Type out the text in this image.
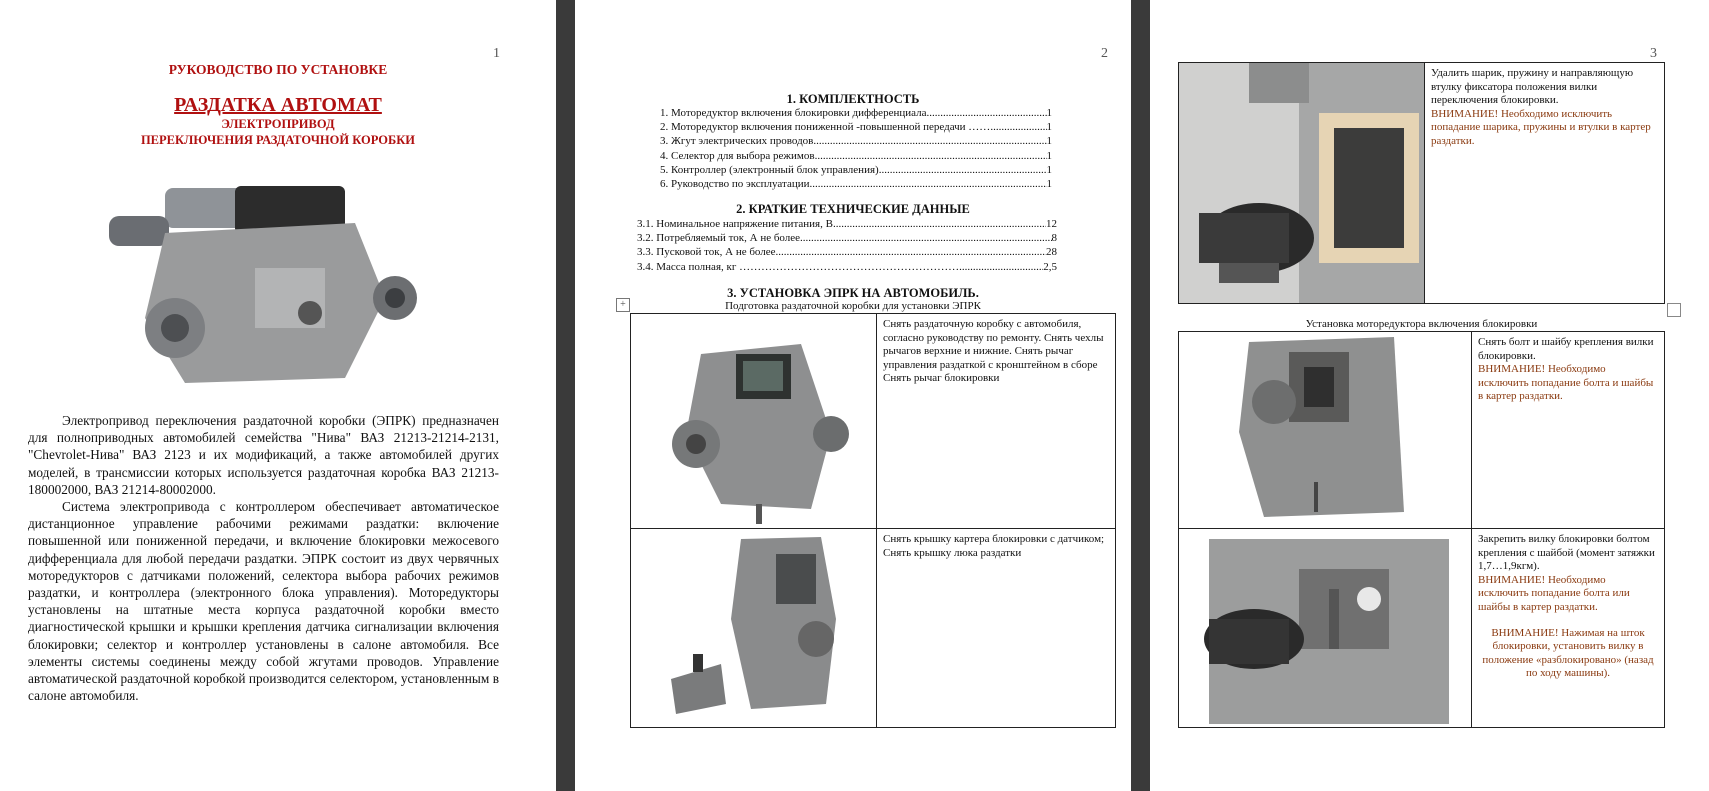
1
РУКОВОДСТВО ПО УСТАНОВКЕ
РАЗДАТКА АВТОМАТ
ЭЛЕКТРОПРИВОД
ПЕРЕКЛЮЧЕНИЯ РАЗДАТОЧНОЙ КОРОБКИ

Электропривод переключения раздаточной коробки (ЭПРК) предназначен для полноприводных автомобилей семейства "Нива" ВАЗ 21213-21214-2131, "Chevrolet-Нива" ВАЗ 2123 и их модификаций, а также автомобилей других моделей, в трансмиссии которых используется раздаточная коробка ВАЗ 21213-180002000, ВАЗ 21214-80002000.

Система электропривода с контроллером обеспечивает автоматическое дистанционное управление рабочими режимами раздатки: включение повышенной или пониженной передачи, и включение блокировки межосевого дифференциала для любой передачи раздатки. ЭПРК состоит из двух червячных моторедукторов с датчиками положений, селектора выбора рабочих режимов раздатки, и контроллера (электронного блока управления). Моторедукторы установлены на штатные места корпуса раздаточной коробки вместо диагностической крышки и крышки крепления датчика сигнализации включения блокировки; селектор и контроллер установлены в салоне автомобиля. Все элементы системы соединены между собой жгутами проводов. Управление автоматической раздаточной коробкой производится селектором, установленным в салоне автомобиля.

2
1. КОМПЛЕКТНОСТЬ
1. Моторедуктор включения блокировки дифференциала .....	1
2. Моторедуктор включения пониженной -повышенной передачи …… .....	1
3. Жгут электрических проводов .....	1
4. Селектор для выбора режимов .....	1
5. Контроллер (электронный блок управления) .....	1
6. Руководство по эксплуатации .....	1
2. КРАТКИЕ ТЕХНИЧЕСКИЕ ДАННЫЕ
3.1. Номинальное напряжение питания, В .....	12
3.2. Потребляемый ток, А не более .....	8
3.3. Пусковой ток, А не более .....	28
3.4. Масса полная, кг …………………………………………………… .....	2,5
3. УСТАНОВКА ЭПРК НА АВТОМОБИЛЬ.
Подготовка раздаточной коробки для установки ЭПРК

Снять раздаточную коробку с автомобиля, согласно руководству по ремонту. Снять чехлы рычагов верхние и нижние. Снять рычаг управления раздаткой с кронштейном в сборе Снять рычаг блокировки

Снять крышку картера блокировки с датчиком; Снять крышку люка раздатки
+
3

Удалить шарик, пружину и направляющую втулку фиксатора положения вилки переключения блокировки.
ВНИМАНИЕ! Необходимо исключить попадание шарика, пружины и втулки в картер раздатки.
Установка моторедуктора включения блокировки

Снять болт и шайбу крепления вилки блокировки.
ВНИМАНИЕ! Необходимо исключить попадание болта и шайбы в картер раздатки.

Закрепить вилку блокировки болтом крепления с шайбой (момент затяжки 1,7…1,9кгм).
ВНИМАНИЕ! Необходимо исключить попадание болта или шайбы в картер раздатки.
ВНИМАНИЕ! Нажимая на шток блокировки, установить вилку в положение «разблокировано» (назад по ходу машины).
